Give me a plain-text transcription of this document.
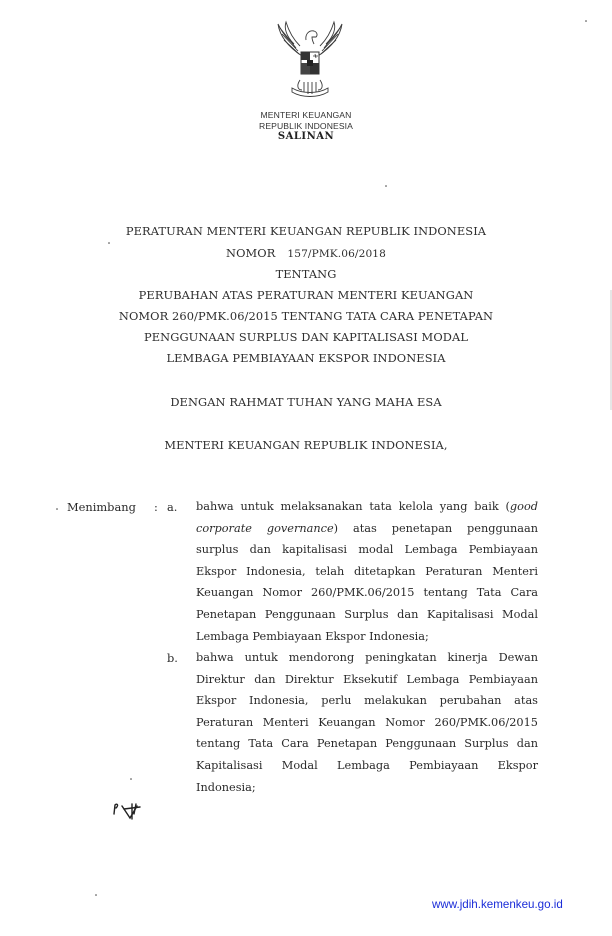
MENTERI KEUANGAN
REPUBLIK INDONESIA
SALINAN
PERATURAN MENTERI KEUANGAN REPUBLIK INDONESIA
NOMOR 157/PMK.06/2018
TENTANG
PERUBAHAN ATAS PERATURAN MENTERI KEUANGAN
NOMOR 260/PMK.06/2015 TENTANG TATA CARA PENETAPAN
PENGGUNAAN SURPLUS DAN KAPITALISASI MODAL
LEMBAGA PEMBIAYAAN EKSPOR INDONESIA
DENGAN RAHMAT TUHAN YANG MAHA ESA
MENTERI KEUANGAN REPUBLIK INDONESIA,
Menimbang : a. bahwa untuk melaksanakan tata kelola yang baik (good
corporate governance) atas penetapan penggunaan
surplus dan kapitalisasi modal Lembaga Pembiayaan
Ekspor Indonesia, telah ditetapkan Peraturan Menteri
Keuangan Nomor 260/PMK.06/2015 tentang Tata Cara
Penetapan Penggunaan Surplus dan Kapitalisasi Modal
Lembaga Pembiayaan Ekspor Indonesia;
b. bahwa untuk mendorong peningkatan kinerja Dewan
Direktur dan Direktur Eksekutif Lembaga Pembiayaan
Ekspor Indonesia, perlu melakukan perubahan atas
Peraturan Menteri Keuangan Nomor 260/PMK.06/2015
tentang Tata Cara Penetapan Penggunaan Surplus dan
Kapitalisasi Modal Lembaga Pembiayaan Ekspor
Indonesia;
www.jdih.kemenkeu.go.id
